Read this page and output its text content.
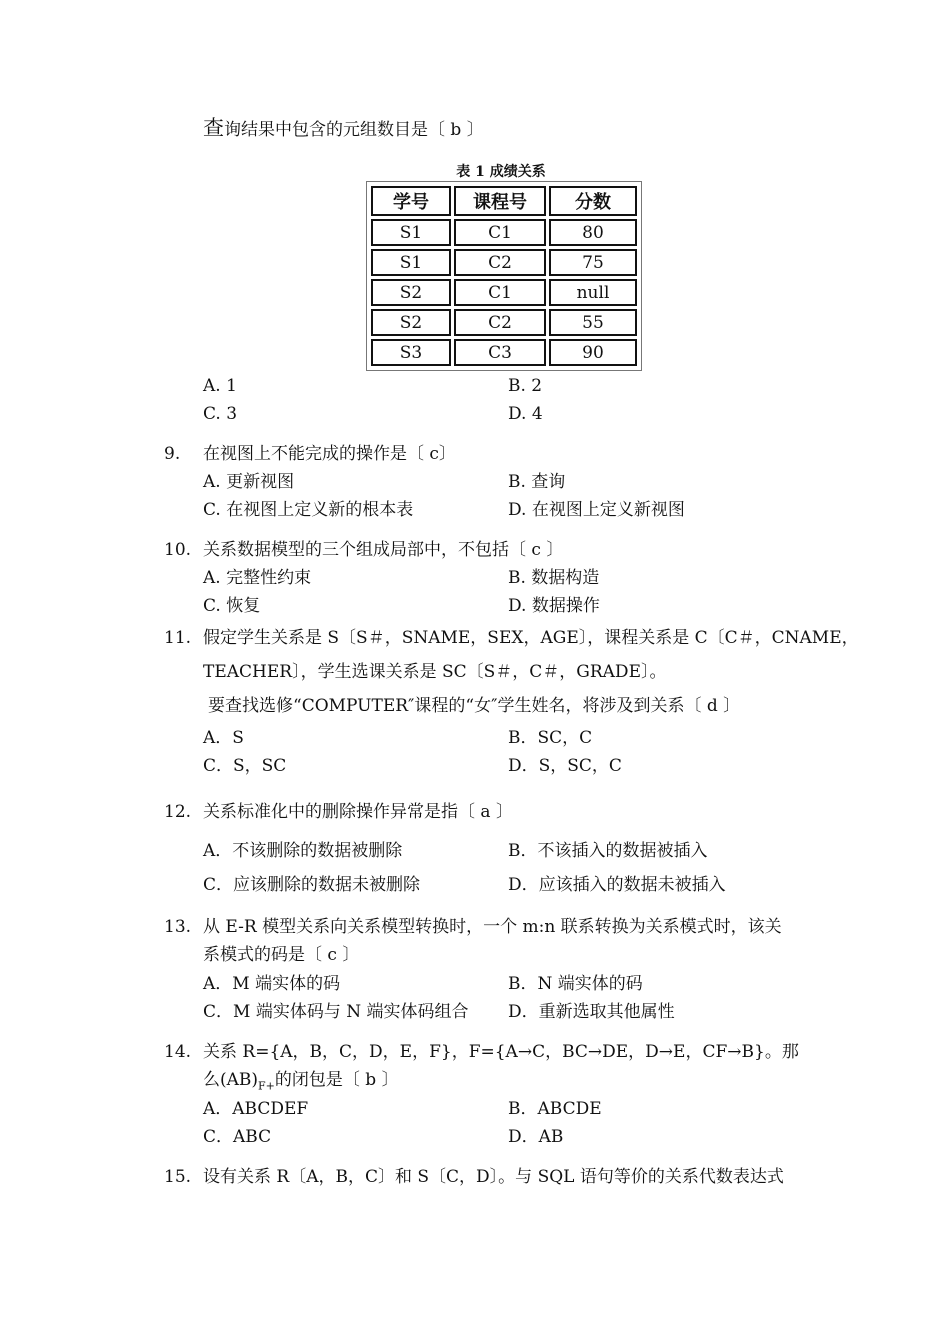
查询结果中包含的元组数目是〔 b 〕
表 1 成绩关系
学号	课程号	分数
S1	C1	80
S1	C2	75
S2	C1	null
S2	C2	55
S3	C3	90
A. 1	B. 2
C. 3	D. 4
9. 在视图上不能完成的操作是〔 c〕
A. 更新视图	B. 查询
C. 在视图上定义新的根本表	D. 在视图上定义新视图
10. 关系数据模型的三个组成局部中，不包括〔 c 〕
A. 完整性约束	B. 数据构造
C. 恢复	D. 数据操作
11. 假定学生关系是 S〔S＃，SNAME，SEX，AGE〕，课程关系是 C〔C＃，CNAME，
TEACHER〕，学生选课关系是 SC〔S＃，C＃，GRADE〕。
要查找选修“COMPUTER″课程的“女″学生姓名，将涉及到关系〔 d 〕
A．S	B．SC，C
C．S，SC	D．S，SC，C
12. 关系标准化中的删除操作异常是指〔 a 〕
A．不该删除的数据被删除	B．不该插入的数据被插入
C．应该删除的数据未被删除	D．应该插入的数据未被插入
13. 从 E-R 模型关系向关系模型转换时，一个 m:n 联系转换为关系模式时，该关
系模式的码是〔 c 〕
A．M 端实体的码	B．N 端实体的码
C．M 端实体码与 N 端实体码组合 D．重新选取其他属性
14. 关系 R={A，B，C，D，E，F}，F={A→C，BC→DE，D→E，CF→B}。那
么$(AB)_{F+}$的闭包是〔 b 〕
A．ABCDEF	B．ABCDE
C．ABC	D．AB
15. 设有关系 R〔A，B，C〕和 S〔C，D〕。与 SQL 语句等价的关系代数表达式
